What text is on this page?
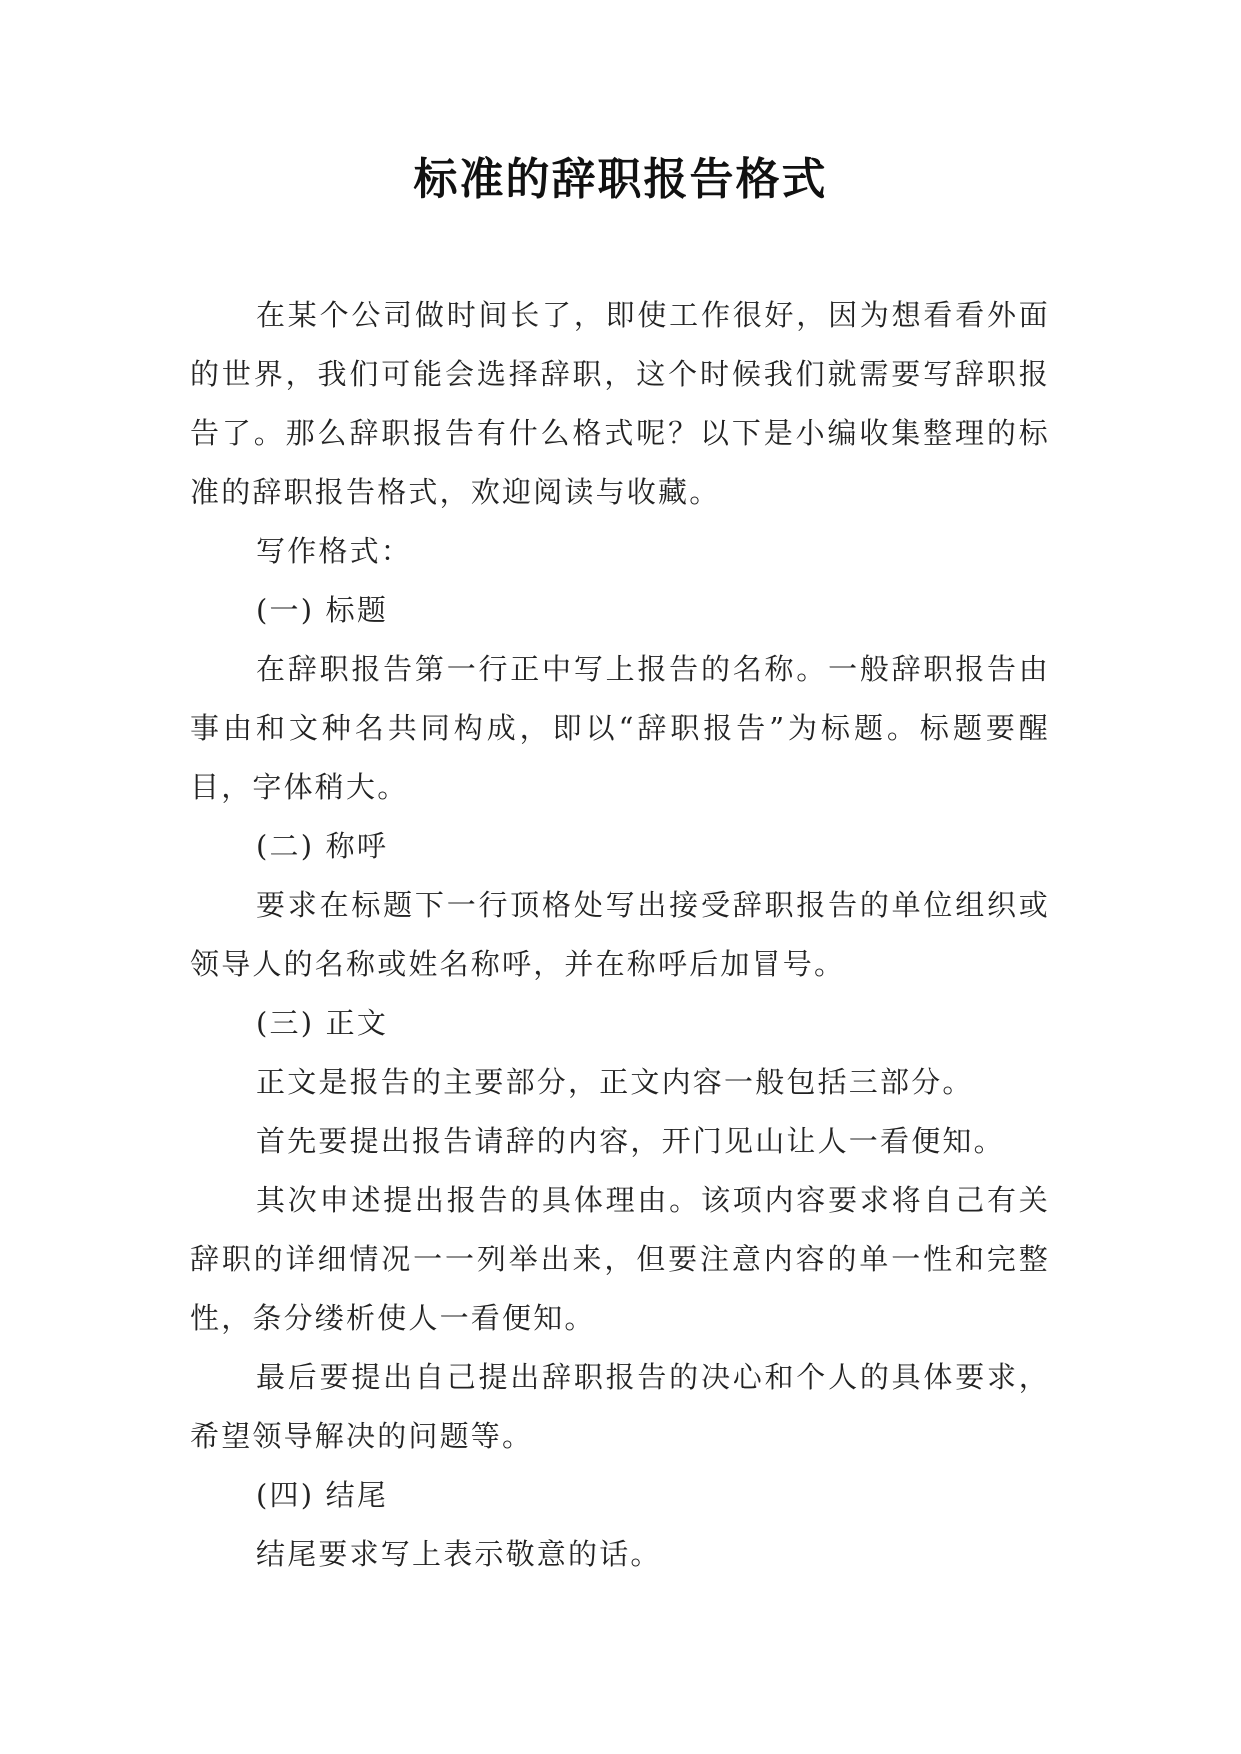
标准的辞职报告格式

在某个公司做时间长了，即使工作很好，因为想看看外面的世界，我们可能会选择辞职，这个时候我们就需要写辞职报告了。那么辞职报告有什么格式呢？以下是小编收集整理的标准的辞职报告格式，欢迎阅读与收藏。

写作格式：

(一) 标题

在辞职报告第一行正中写上报告的名称。一般辞职报告由事由和文种名共同构成，即以“辞职报告”为标题。标题要醒目，字体稍大。

(二) 称呼

要求在标题下一行顶格处写出接受辞职报告的单位组织或领导人的名称或姓名称呼，并在称呼后加冒号。

(三) 正文

正文是报告的主要部分，正文内容一般包括三部分。

首先要提出报告请辞的内容，开门见山让人一看便知。

其次申述提出报告的具体理由。该项内容要求将自己有关辞职的详细情况一一列举出来，但要注意内容的单一性和完整性，条分缕析使人一看便知。

最后要提出自己提出辞职报告的决心和个人的具体要求，希望领导解决的问题等。

(四) 结尾

结尾要求写上表示敬意的话。
